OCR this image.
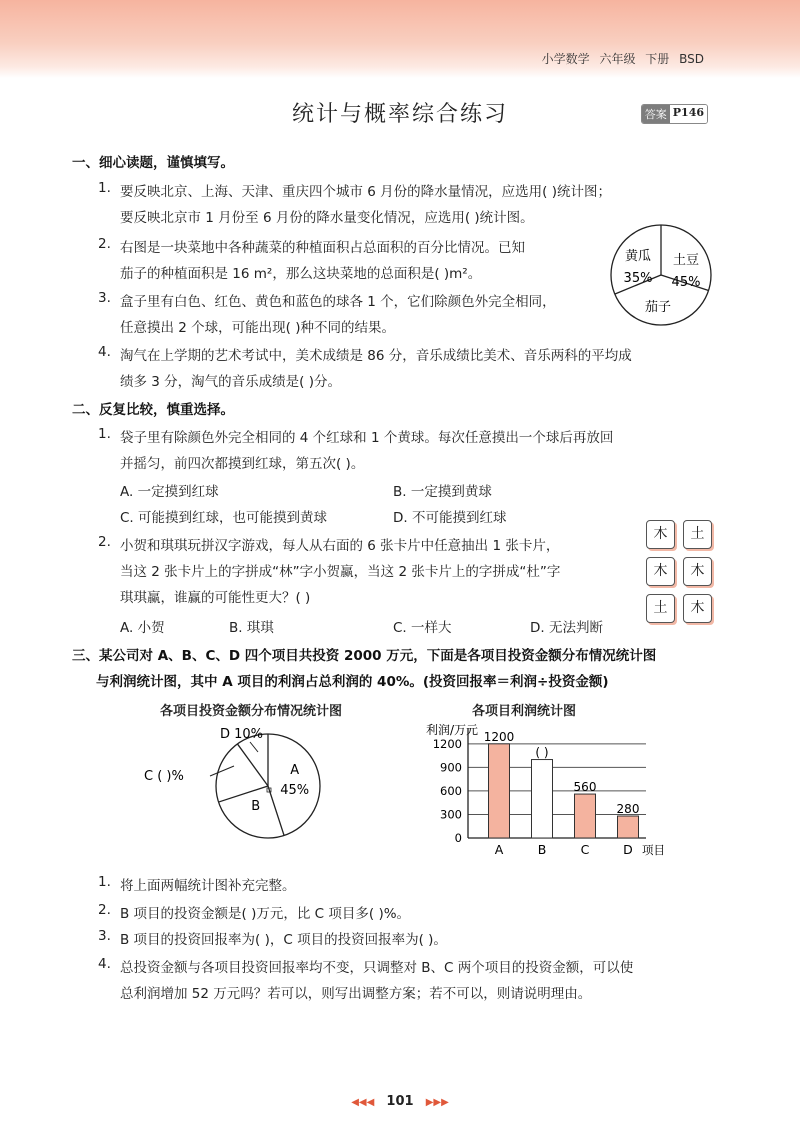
小学数学 六年级 下册 BSD
统计与概率综合练习	答案 P146
一、细心读题，谨慎填写。
1. 要反映北京、上海、天津、重庆四个城市 6 月份的降水量情况，应选用( )统计图；
要反映北京市 1 月份至 6 月份的降水量变化情况，应选用( )统计图。
2. 右图是一块菜地中各种蔬菜的种植面积占总面积的百分比情况。已知
茄子的种植面积是 16 m²，那么这块菜地的总面积是( )m²。
3. 盒子里有白色、红色、黄色和蓝色的球各 1 个，它们除颜色外完全相同，
任意摸出 2 个球，可能出现( )种不同的结果。
4. 淘气在上学期的艺术考试中，美术成绩是 86 分，音乐成绩比美术、音乐两科的平均成
绩多 3 分，淘气的音乐成绩是( )分。
黄瓜
35%
土豆
45%
茄子
二、反复比较，慎重选择。
1. 袋子里有除颜色外完全相同的 4 个红球和 1 个黄球。每次任意摸出一个球后再放回
并摇匀，前四次都摸到红球，第五次( )。
A. 一定摸到红球	B. 一定摸到黄球
C. 可能摸到红球，也可能摸到黄球	D. 不可能摸到红球
2. 小贺和琪琪玩拼汉字游戏，每人从右面的 6 张卡片中任意抽出 1 张卡片，
当这 2 张卡片上的字拼成“林”字小贺赢，当这 2 张卡片上的字拼成“杜”字
琪琪赢，谁赢的可能性更大？( )
A. 小贺	B. 琪琪	C. 一样大	D. 无法判断
木	土
木	木
土	木
三、某公司对 A、B、C、D 四个项目共投资 2000 万元，下面是各项目投资金额分布情况统计图
与利润统计图，其中 A 项目的利润占总利润的 40%。(投资回报率＝利润÷投资金额)
各项目投资金额分布情况统计图	各项目利润统计图
A
45%
B
C ( )%
D 10%	利润/万元
0
300
600
900
1200 1200
A
( )
B
560
C
280
D 项目
1. 将上面两幅统计图补充完整。
2. B 项目的投资金额是( )万元，比 C 项目多( )%。
3. B 项目的投资回报率为( )，C 项目的投资回报率为( )。
4. 总投资金额与各项目投资回报率均不变，只调整对 B、C 两个项目的投资金额，可以使
总利润增加 52 万元吗？若可以，则写出调整方案；若不可以，则请说明理由。
◀◀◀ 101 ▶▶▶
